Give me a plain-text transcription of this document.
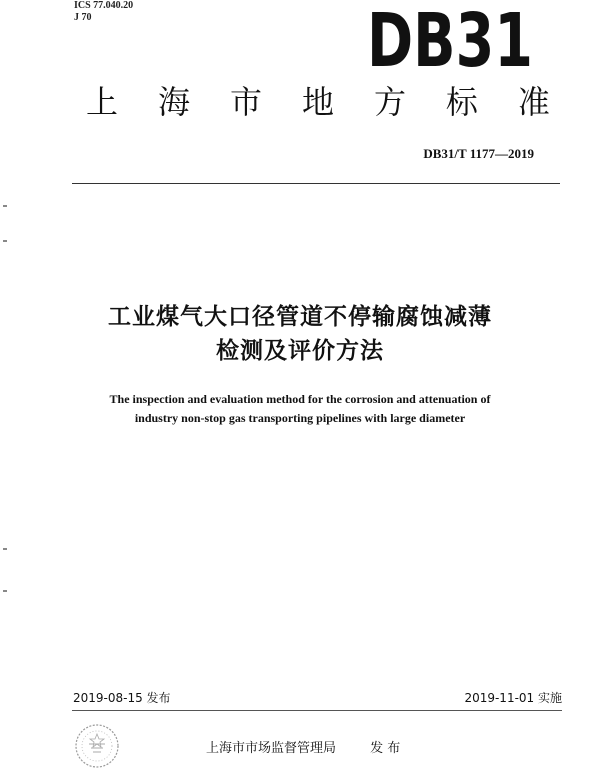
ICS 77.040.20
J 70	DB31
上 海 市 地 方 标 准
DB31/T 1177—2019
工业煤气大口径管道不停输腐蚀减薄
检测及评价方法
The inspection and evaluation method for the corrosion and attenuation of
industry non-stop gas transporting pipelines with large diameter
2019-08-15 发布	2019-11-01 实施
上海市市场监督管理局	发 布
